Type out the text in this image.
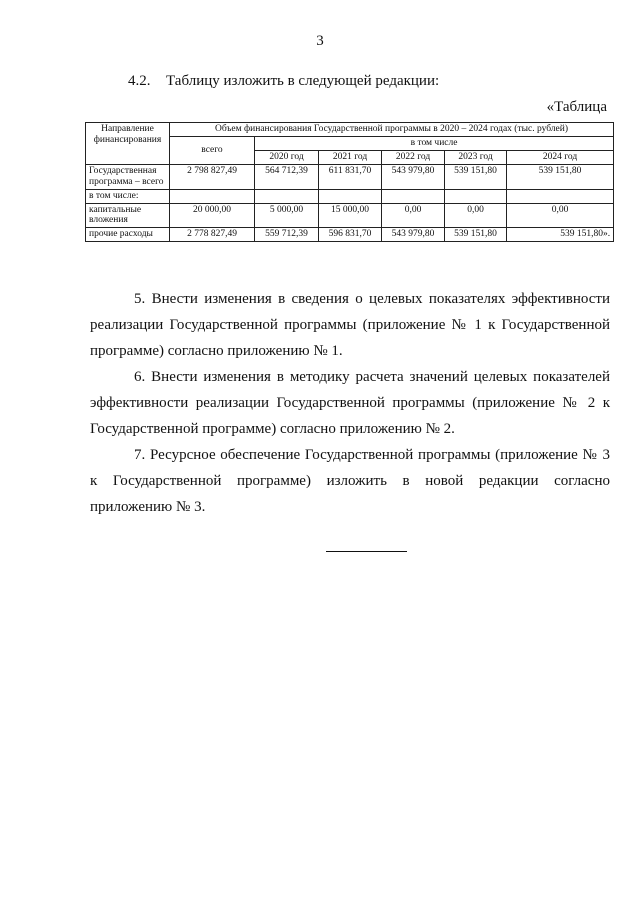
3
4.2. Таблицу изложить в следующей редакции:
«Таблица
Направление финансирования	Объем финансирования Государственной программы в 2020 – 2024 годах (тыс. рублей)					
	всего	в том числе				
		2020 год	2021 год	2022 год	2023 год	2024 год
Государственная программа – всего	2 798 827,49	564 712,39	611 831,70	543 979,80	539 151,80	539 151,80
в том числе:						
капитальные вложения	20 000,00	5 000,00	15 000,00	0,00	0,00	0,00
прочие расходы	2 778 827,49	559 712,39	596 831,70	543 979,80	539 151,80	539 151,80».
5. Внести изменения в сведения о целевых показателях эффективности реализации Государственной программы (приложение № 1 к Государственной программе) согласно приложению № 1.
6. Внести изменения в методику расчета значений целевых показателей эффективности реализации Государственной программы (приложение № 2 к Государственной программе) согласно приложению № 2.
7. Ресурсное обеспечение Государственной программы (приложение № 3 к Государственной программе) изложить в новой редакции согласно приложению № 3.
